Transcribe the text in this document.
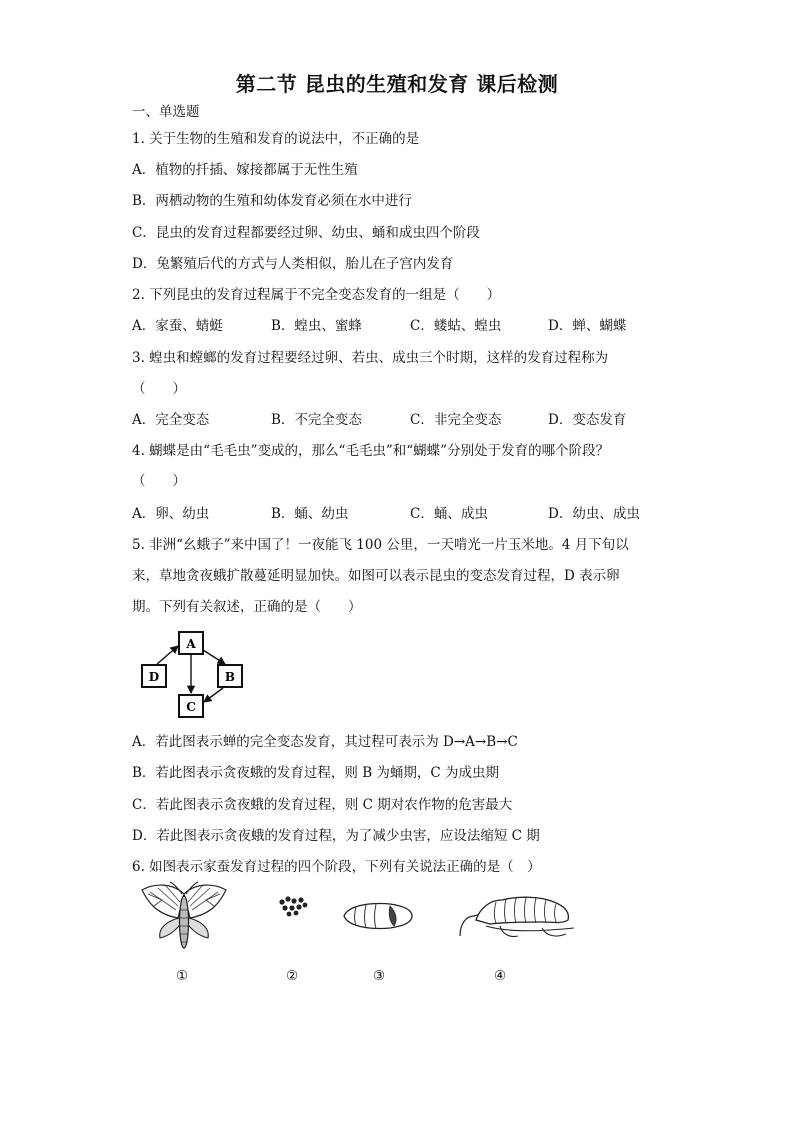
第二节 昆虫的生殖和发育 课后检测
一、单选题
1. 关于生物的生殖和发育的说法中，不正确的是
A．植物的扦插、嫁接都属于无性生殖
B．两栖动物的生殖和幼体发育必须在水中进行
C．昆虫的发育过程都要经过卵、幼虫、蛹和成虫四个阶段
D．兔繁殖后代的方式与人类相似，胎儿在子宫内发育
2. 下列昆虫的发育过程属于不完全变态发育的一组是（　　）
A．家蚕、蜻蜓	B．蝗虫、蜜蜂	C．蝼蛄、蝗虫	D．蝉、蝴蝶
3. 蝗虫和螳螂的发育过程要经过卵、若虫、成虫三个时期，这样的发育过程称为
（　　）
A．完全变态	B．不完全变态	C．非完全变态	D．变态发育
4. 蝴蝶是由“毛毛虫”变成的，那么“毛毛虫”和“蝴蝶”分别处于发育的哪个阶段？
（　　）
A．卵、幼虫	B．蛹、幼虫	C．蛹、成虫	D．幼虫、成虫
5. 非洲“幺蛾子”来中国了！一夜能飞 100 公里，一天啃光一片玉米地。4 月下旬以
来，草地贪夜蛾扩散蔓延明显加快。如图可以表示昆虫的变态发育过程，D 表示卵
期。下列有关叙述，正确的是（　　）
A
B
C
D
A．若此图表示蝉的完全变态发育，其过程可表示为 D→A→B→C
B．若此图表示贪夜蛾的发育过程，则 B 为蛹期，C 为成虫期
C．若此图表示贪夜蛾的发育过程，则 C 期对农作物的危害最大
D．若此图表示贪夜蛾的发育过程，为了减少虫害，应设法缩短 C 期
6. 如图表示家蚕发育过程的四个阶段，下列有关说法正确的是（　）
①	②	③	④
